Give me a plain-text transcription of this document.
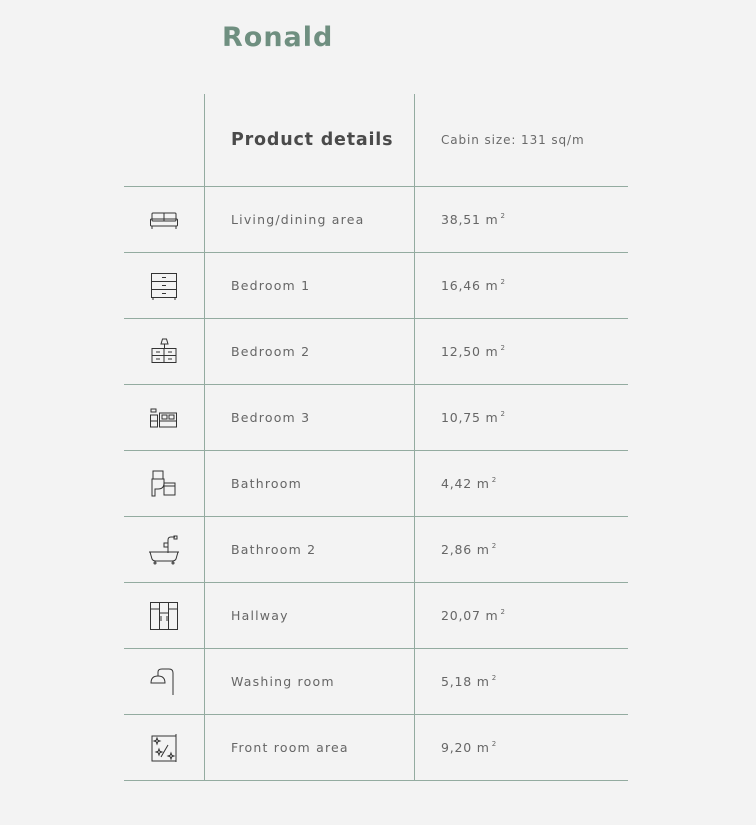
Ronald
Product details	Cabin size: 131 sq/m
Living/dining area	38,51 m $^2$
Bedroom 1	16,46 m $^2$
Bedroom 2	12,50 m $^2$
Bedroom 3	10,75 m $^2$
Bathroom	4,42 m $^2$
Bathroom 2	2,86 m $^2$
Hallway	20,07 m $^2$
Washing room	5,18 m $^2$
Front room area	9,20 m $^2$
